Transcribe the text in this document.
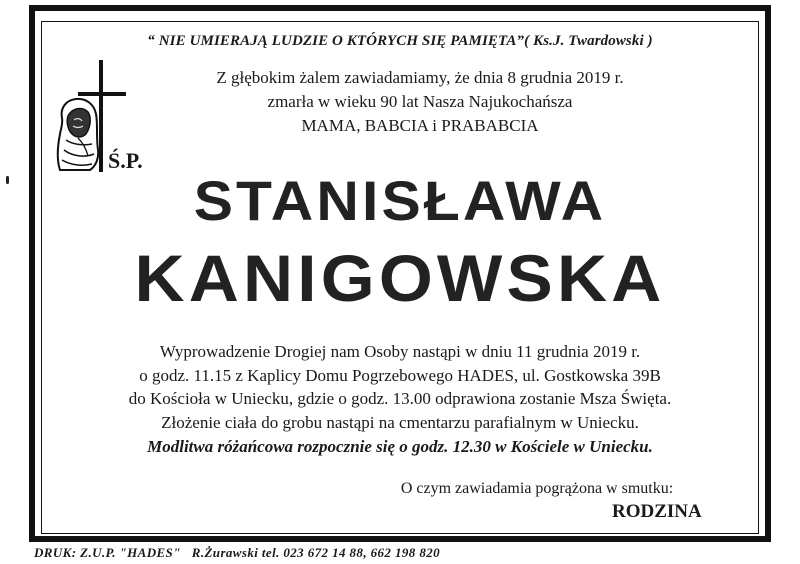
“ NIE UMIERAJĄ LUDZIE O KTÓRYCH SIĘ PAMIĘTA”( Ks.J. Twardowski )
Ś.P.
Z głębokim żalem zawiadamiamy, że dnia 8 grudnia 2019 r.
zmarła w wieku 90 lat Nasza Najukochańsza
MAMA, BABCIA i PRABABCIA
STANISŁAWA
KANIGOWSKA
Wyprowadzenie Drogiej nam Osoby nastąpi w dniu 11 grudnia 2019 r.
o godz. 11.15 z Kaplicy Domu Pogrzebowego HADES, ul. Gostkowska 39B
do Kościoła w Uniecku, gdzie o godz. 13.00 odprawiona zostanie Msza Święta.
Złożenie ciała do grobu nastąpi na cmentarzu parafialnym w Uniecku.
Modlitwa różańcowa rozpocznie się o godz. 12.30 w Kościele w Uniecku.
O czym zawiadamia pogrążona w smutku:
RODZINA
DRUK: Z.U.P. "HADES"   R.Żurawski tel. 023 672 14 88, 662 198 820
